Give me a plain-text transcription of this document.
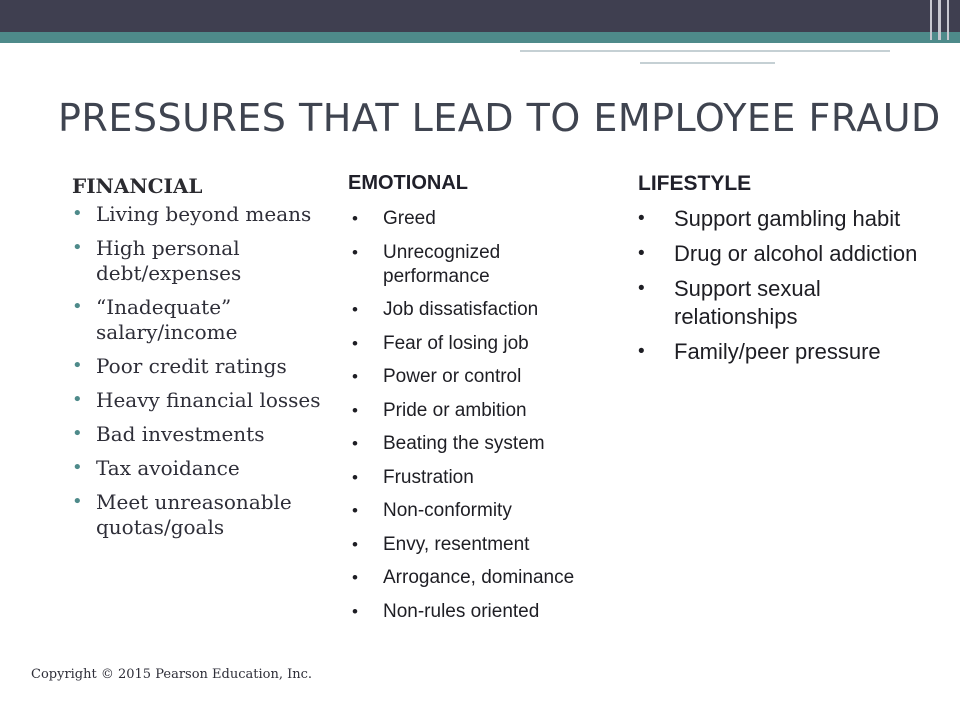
PRESSURES THAT LEAD TO EMPLOYEE FRAUD
FINANCIAL
• Living beyond means
• High personal debt/expenses
• “Inadequate” salary/income
• Poor credit ratings
• Heavy financial losses
• Bad investments
• Tax avoidance
• Meet unreasonable quotas/goals
EMOTIONAL
• Greed
• Unrecognized performance
• Job dissatisfaction
• Fear of losing job
• Power or control
• Pride or ambition
• Beating the system
• Frustration
• Non-conformity
• Envy, resentment
• Arrogance, dominance
• Non-rules oriented
LIFESTYLE
• Support gambling habit
• Drug or alcohol addiction
• Support sexual relationships
• Family/peer pressure
Copyright © 2015 Pearson Education, Inc.
